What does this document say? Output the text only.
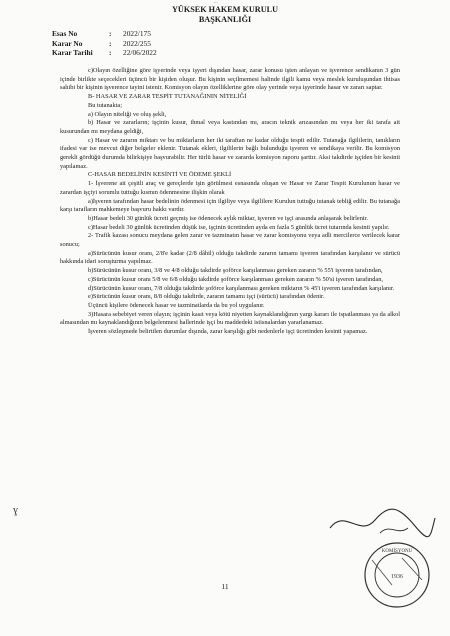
...
YÜKSEK HAKEM KURULU
BAŞKANLIĞI
Esas No	: 2022/175
Karar No	: 2022/255
Karar Tarihi : 22/06/2022

c)Olayın özelliğine göre işyerinde veya işyeri dışından hasar, zarar konusu işten anlayan ve işverence sendikanın 3 gün içinde birlikte seçecekleri üçüncü bir kişiden oluşur. Bu kişinin seçilmemesi halinde ilgili kamu veya meslek kuruluşundan ihtisas sahibi bir kişinin işverence tayini istenir. Komisyon olayın özelliklerine göre olay yerinde veya işyerinde hasar ve zararı saptar.

B- HASAR VE ZARAR TESPİT TUTANAĞININ NİTELİĞİ

Bu tutanakta;

a) Olayın niteliği ve oluş şekli,

b) Hasar ve zararların; işçinin kusur, ihmal veya kastından mı, aracın teknik arızasından mı veya her iki tarafa ait kusurundan mı meydana geldiği,

c) Hasar ve zararın miktarı ve bu miktarların her iki taraftan ne kadar olduğu tespit edilir. Tutanağa ilgililerin, tanıkların ifadesi var ise mevcut diğer belgeler eklenir. Tutanak ekleri, ilgililerin bağlı bulunduğu işveren ve sendikaya verilir. Bu komisyon gerekli gördüğü durumda bilirkişiye başvurabilir. Her türlü hasar ve zararda komisyon raporu şarttır. Aksi takdirde işçiden bir kesinti yapılamaz.

C-HASAR BEDELİNİN KESİNTİ VE ÖDEME ŞEKLİ

1- İşverene ait çeşitli araç ve gereçlerde işin görülmesi esnasında oluşan ve Hasar ve Zarar Tespit Kurulunun hasar ve zarardan işçiyi sorumlu tuttuğu kısmın ödenmesine ilişkin olarak

a)İşveren tarafından hasar bedelinin ödenmesi için ilgiliye veya ilgililere Kurulun tuttuğu tutanak tebliğ edilir. Bu tutanağa karşı tarafların mahkemeye başvuru hakkı vardır.

b)Hasar bedeli 30 günlük ücreti geçmiş ise ödenecek aylık miktar, işveren ve işçi arasında anlaşarak belirlenir.

c)Hasar bedeli 30 günlük ücretinden düşük ise, işçinin ücretinden ayda en fazla 5 günlük ücret tutarında kesinti yapılır.

2- Trafik kazası sonucu meydana gelen zarar ve tazminatın hasar ve zarar komisyonu veya adli mercilerce verilecek karar sonucu;

a)Sürücünün kusur oranı, 2/8'e kadar (2/8 dâhil) olduğu takdirde zararın tamamı işveren tarafından karşılanır ve sürücü hakkında idari soruşturma yapılmaz.

b)Sürücünün kusur oranı, 3/8 ve 4/8 olduğu takdirde şoförce karşılanması gereken zararın % 55'i işveren tarafından,

c)Sürücünün kusur oranı 5/8 ve 6/8 olduğu takdirde şoförce karşılanması gereken zararın % 50'si işveren tarafından,

d)Sürücünün kusur oranı, 7/8 olduğu takdirde şoförce karşılanması gereken miktarın % 45'i işveren tarafından karşılanır.

e)Sürücünün kusur oranı, 8/8 olduğu takdirde, zararın tamamı işçi (sürücü) tarafından ödenir.

Üçüncü kişilere ödenecek hasar ve tazminatlarda da bu yol uygulanır.

3)Hasara sebebiyet veren olayın; işçinin kasıt veya kötü niyetten kaynaklandığının yargı kararı ile ispatlanması ya da alkol almasından mı kaynaklandığının belgelenmesi hallerinde işçi bu maddedeki istisnalardan yararlanamaz.

İşveren sözleşmede belirtilen durumlar dışında, zarar karşılığı gibi nedenlerle işçi ücretinden kesinti yapamaz.

ɣ
1936
KOMİSYONU
11
